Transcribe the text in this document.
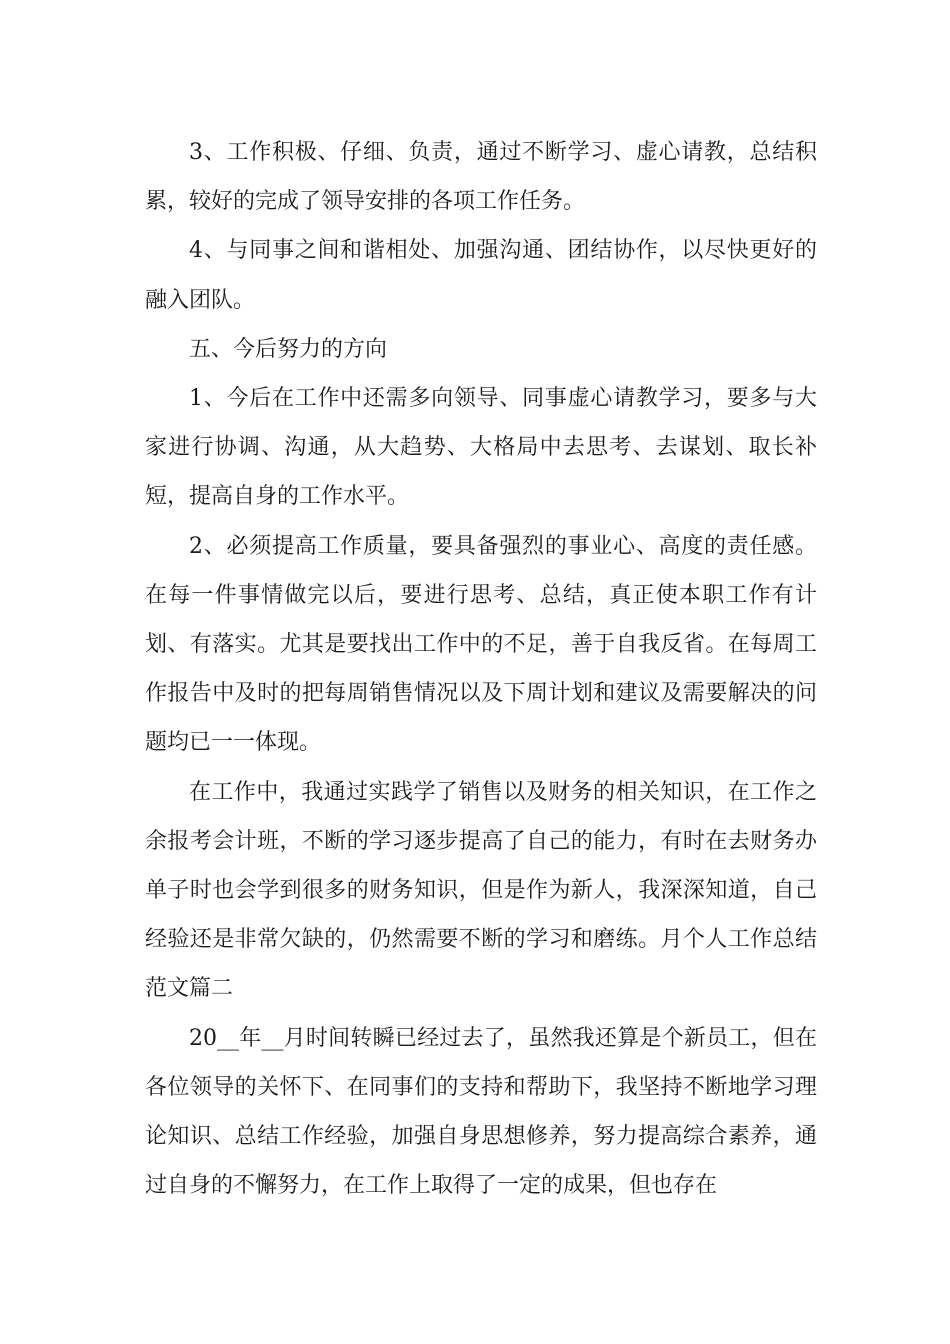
3、工作积极、仔细、负责，通过不断学习、虚心请教，总结积累，较好的完成了领导安排的各项工作任务。

4、与同事之间和谐相处、加强沟通、团结协作，以尽快更好的融入团队。

五、今后努力的方向

1、今后在工作中还需多向领导、同事虚心请教学习，要多与大家进行协调、沟通，从大趋势、大格局中去思考、去谋划、取长补短，提高自身的工作水平。

2、必须提高工作质量，要具备强烈的事业心、高度的责任感。在每一件事情做完以后，要进行思考、总结，真正使本职工作有计划、有落实。尤其是要找出工作中的不足，善于自我反省。在每周工作报告中及时的把每周销售情况以及下周计划和建议及需要解决的问题均已一一体现。

在工作中，我通过实践学了销售以及财务的相关知识，在工作之余报考会计班，不断的学习逐步提高了自己的能力，有时在去财务办单子时也会学到很多的财务知识，但是作为新人，我深深知道，自己经验还是非常欠缺的，仍然需要不断的学习和磨练。月个人工作总结范文篇二

20__年__月时间转瞬已经过去了，虽然我还算是个新员工，但在各位领导的关怀下、在同事们的支持和帮助下，我坚持不断地学习理论知识、总结工作经验，加强自身思想修养，努力提高综合素养，通过自身的不懈努力，在工作上取得了一定的成果，但也存在
